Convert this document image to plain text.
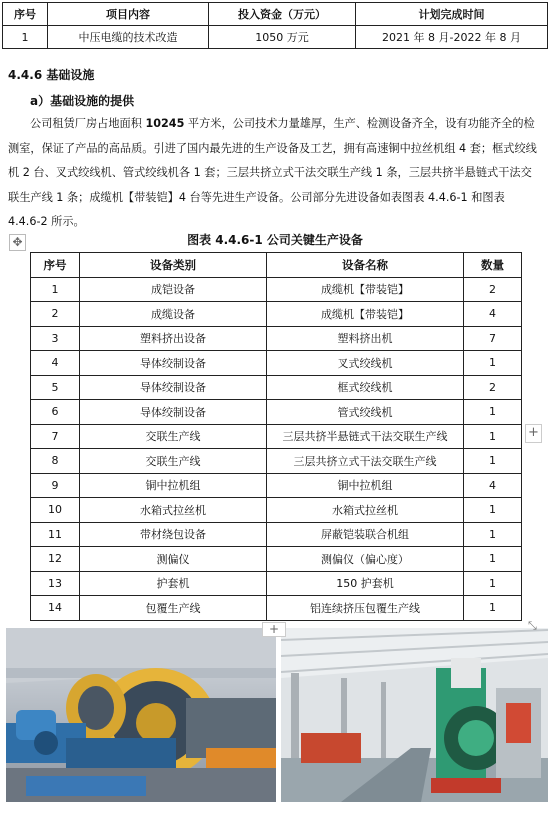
序号	项目内容	投入资金（万元）	计划完成时间
1	中压电缆的技术改造	1050 万元	2021 年 8 月-2022 年 8 月
4.4.6 基础设施
a）基础设施的提供
公司租赁厂房占地面积 10245 平方米，公司技术力量雄厚，生产、检测设备齐全，设有功能齐全的检测室，保证了产品的高品质。引进了国内最先进的生产设备及工艺，拥有高速铜中拉丝机组 4 套；框式绞线机 2 台、叉式绞线机、管式绞线机各 1 套；三层共挤立式干法交联生产线 1 条，三层共挤半悬链式干法交联生产线 1 条；成缆机【带装铠】4 台等先进生产设备。公司部分先进设备如表图表 4.4.6-1 和图表 4.4.6-2 所示。
✥	图表 4.4.6-1 公司关键生产设备
序号	设备类别	设备名称	数量
1	成铠设备	成缆机【带装铠】	2
2	成缆设备	成缆机【带装铠】	4
3	塑料挤出设备	塑料挤出机	7
4	导体绞制设备	叉式绞线机	1
5	导体绞制设备	框式绞线机	2
6	导体绞制设备	管式绞线机	1
7	交联生产线	三层共挤半悬链式干法交联生产线	1
8	交联生产线	三层共挤立式干法交联生产线	1
9	铜中拉机组	铜中拉机组	4
10	水箱式拉丝机	水箱式拉丝机	1
11	带材绕包设备	屏蔽铠装联合机组	1
12	测偏仪	测偏仪（偏心度）	1
13	护套机	150 护套机	1
14	包覆生产线	铝连续挤压包覆生产线	1
+
+	⤡
